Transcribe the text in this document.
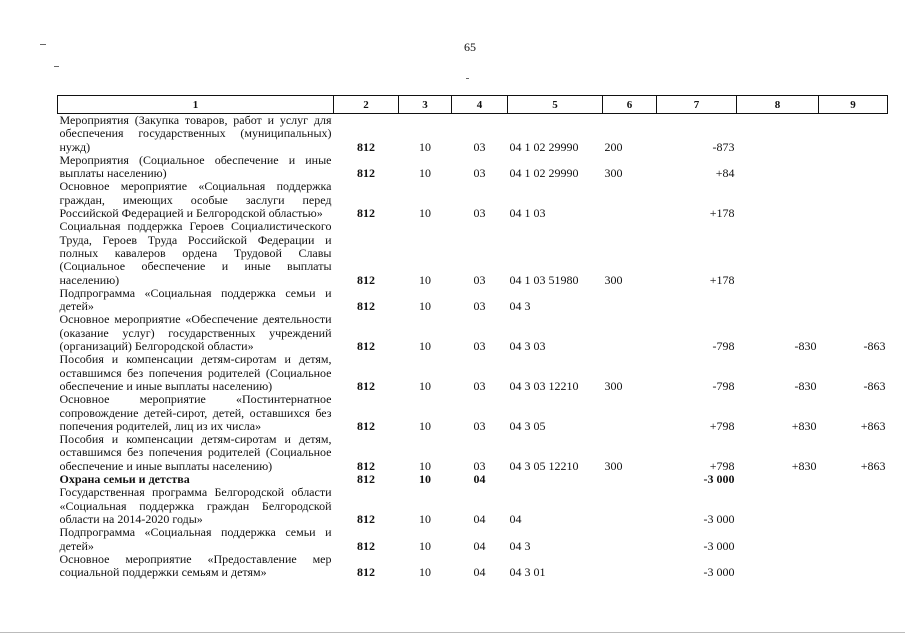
65
1	2	3	4	5	6	7	8	9
Мероприятия (Закупка товаров, работ и услуг для обеспечения государственных (муниципальных) нужд)	812	10	03	04 1 02 29990	200	-873		
Мероприятия (Социальное обеспечение и иные выплаты населению)	812	10	03	04 1 02 29990	300	+84		
Основное мероприятие «Социальная поддержка граждан, имеющих особые заслуги перед Российской Федерацией и Белгородской областью»	812	10	03	04 1 03		+178		
Социальная поддержка Героев Социалистического Труда, Героев Труда Российской Федерации и полных кавалеров ордена Трудовой Славы (Социальное обеспечение и иные выплаты населению)	812	10	03	04 1 03 51980	300	+178		
Подпрограмма «Социальная поддержка семьи и детей»	812	10	03	04 3				
Основное мероприятие «Обеспечение деятельности (оказание услуг) государственных учреждений (организаций) Белгородской области»	812	10	03	04 3 03		-798	-830	-863
Пособия и компенсации детям-сиротам и детям, оставшимся без попечения родителей (Социальное обеспечение и иные выплаты населению)	812	10	03	04 3 03 12210	300	-798	-830	-863
Основное мероприятие «Постинтернатное сопровождение детей-сирот, детей, оставшихся без попечения родителей, лиц из их числа»	812	10	03	04 3 05		+798	+830	+863
Пособия и компенсации детям-сиротам и детям, оставшимся без попечения родителей (Социальное обеспечение и иные выплаты населению)	812	10	03	04 3 05 12210	300	+798	+830	+863
Охрана семьи и детства	812	10	04			-3 000		
Государственная программа Белгородской области «Социальная поддержка граждан Белгородской области на 2014-2020 годы»	812	10	04	04		-3 000		
Подпрограмма «Социальная поддержка семьи и детей»	812	10	04	04 3		-3 000		
Основное мероприятие «Предоставление мер социальной поддержки семьям и детям»	812	10	04	04 3 01		-3 000		
